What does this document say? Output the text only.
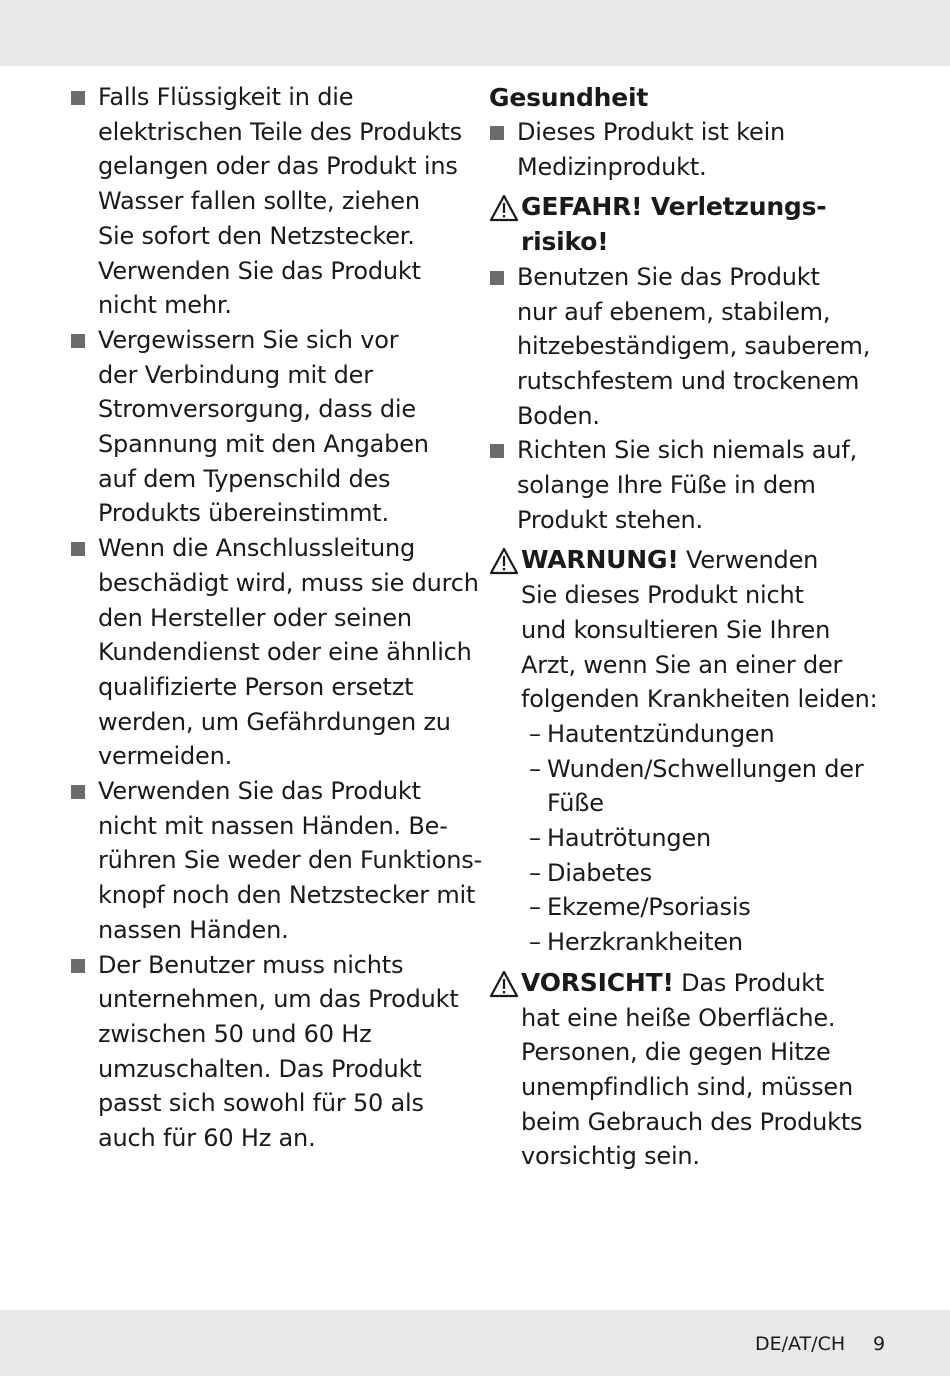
Falls Flüssigkeit in die
elektrischen Teile des Produkts
gelangen oder das Produkt ins
Wasser fallen sollte, ziehen
Sie sofort den Netzstecker.
Verwenden Sie das Produkt
nicht mehr.
Vergewissern Sie sich vor
der Verbindung mit der
Stromversorgung, dass die
Spannung mit den Angaben
auf dem Typenschild des
Produkts übereinstimmt.
Wenn die Anschlussleitung
beschädigt wird, muss sie durch
den Hersteller oder seinen
Kundendienst oder eine ähnlich
qualifizierte Person ersetzt
werden, um Gefährdungen zu
vermeiden.
Verwenden Sie das Produkt
nicht mit nassen Händen. Be-
rühren Sie weder den Funktions-
knopf noch den Netzstecker mit
nassen Händen.
Der Benutzer muss nichts
unternehmen, um das Produkt
zwischen 50 und 60 Hz
umzuschalten. Das Produkt
passt sich sowohl für 50 als
auch für 60 Hz an.
Gesundheit
Dieses Produkt ist kein
Medizinprodukt.
GEFAHR! Verletzungs-
risiko!
Benutzen Sie das Produkt
nur auf ebenem, stabilem,
hitzebeständigem, sauberem,
rutschfestem und trockenem
Boden.
Richten Sie sich niemals auf,
solange Ihre Füße in dem
Produkt stehen.
WARNUNG! Verwenden
Sie dieses Produkt nicht
und konsultieren Sie Ihren
Arzt, wenn Sie an einer der
folgenden Krankheiten leiden:
– Hautentzündungen
– Wunden/Schwellungen der
Füße
– Hautrötungen
– Diabetes
– Ekzeme/Psoriasis
– Herzkrankheiten
VORSICHT! Das Produkt
hat eine heiße Oberfläche.
Personen, die gegen Hitze
unempfindlich sind, müssen
beim Gebrauch des Produkts
vorsichtig sein.
DE/AT/CH 9
